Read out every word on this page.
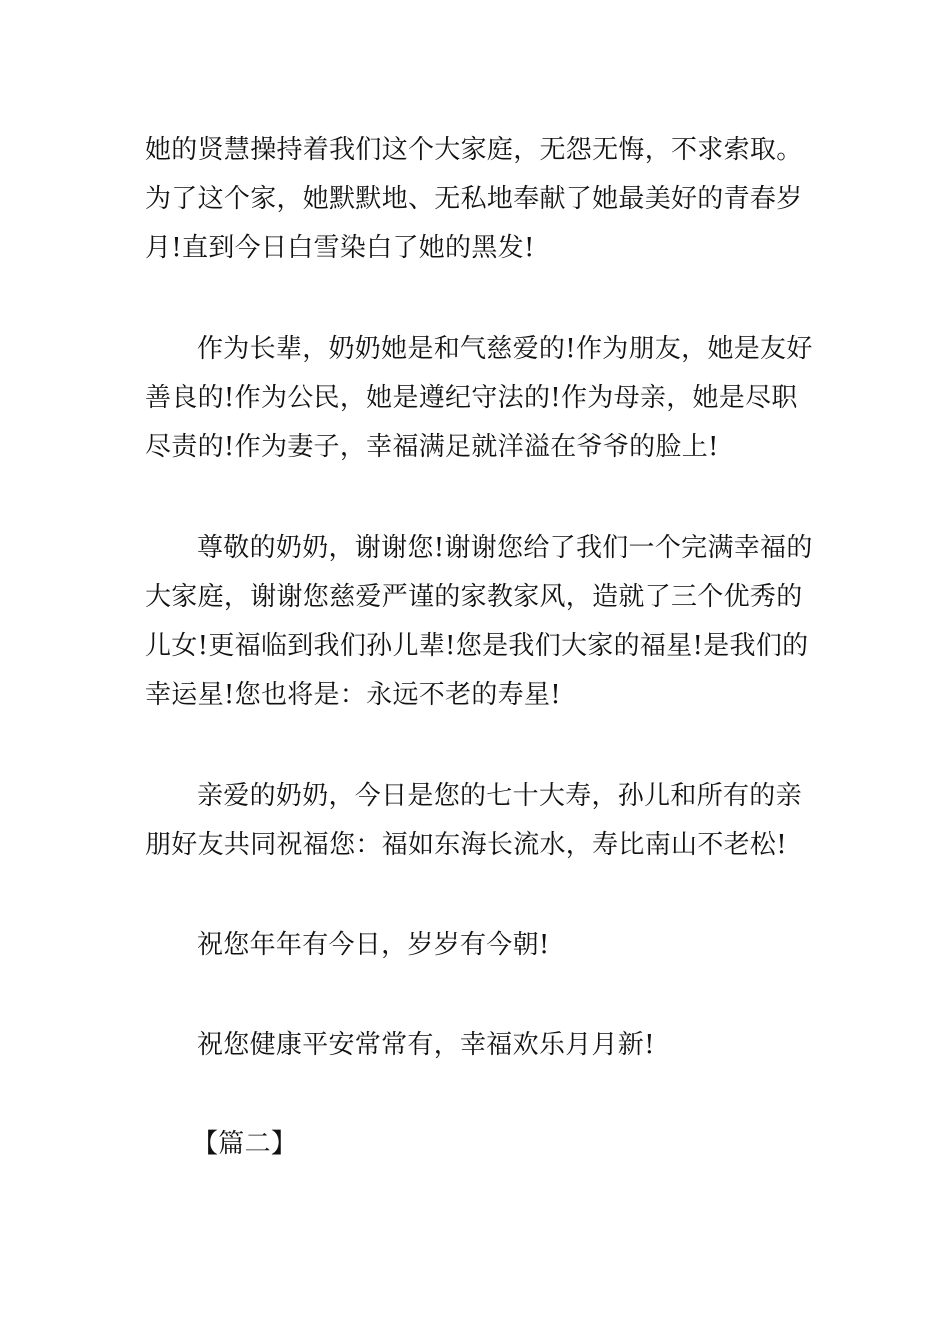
她的贤慧操持着我们这个大家庭，无怨无悔，不求索取。
为了这个家，她默默地、无私地奉献了她最美好的青春岁
月!直到今日白雪染白了她的黑发!
作为长辈，奶奶她是和气慈爱的!作为朋友，她是友好
善良的!作为公民，她是遵纪守法的!作为母亲，她是尽职
尽责的!作为妻子，幸福满足就洋溢在爷爷的脸上!
尊敬的奶奶，谢谢您!谢谢您给了我们一个完满幸福的
大家庭，谢谢您慈爱严谨的家教家风，造就了三个优秀的
儿女!更福临到我们孙儿辈!您是我们大家的福星!是我们的
幸运星!您也将是：永远不老的寿星!
亲爱的奶奶，今日是您的七十大寿，孙儿和所有的亲
朋好友共同祝福您：福如东海长流水，寿比南山不老松!
祝您年年有今日，岁岁有今朝!
祝您健康平安常常有，幸福欢乐月月新!
【篇二】
